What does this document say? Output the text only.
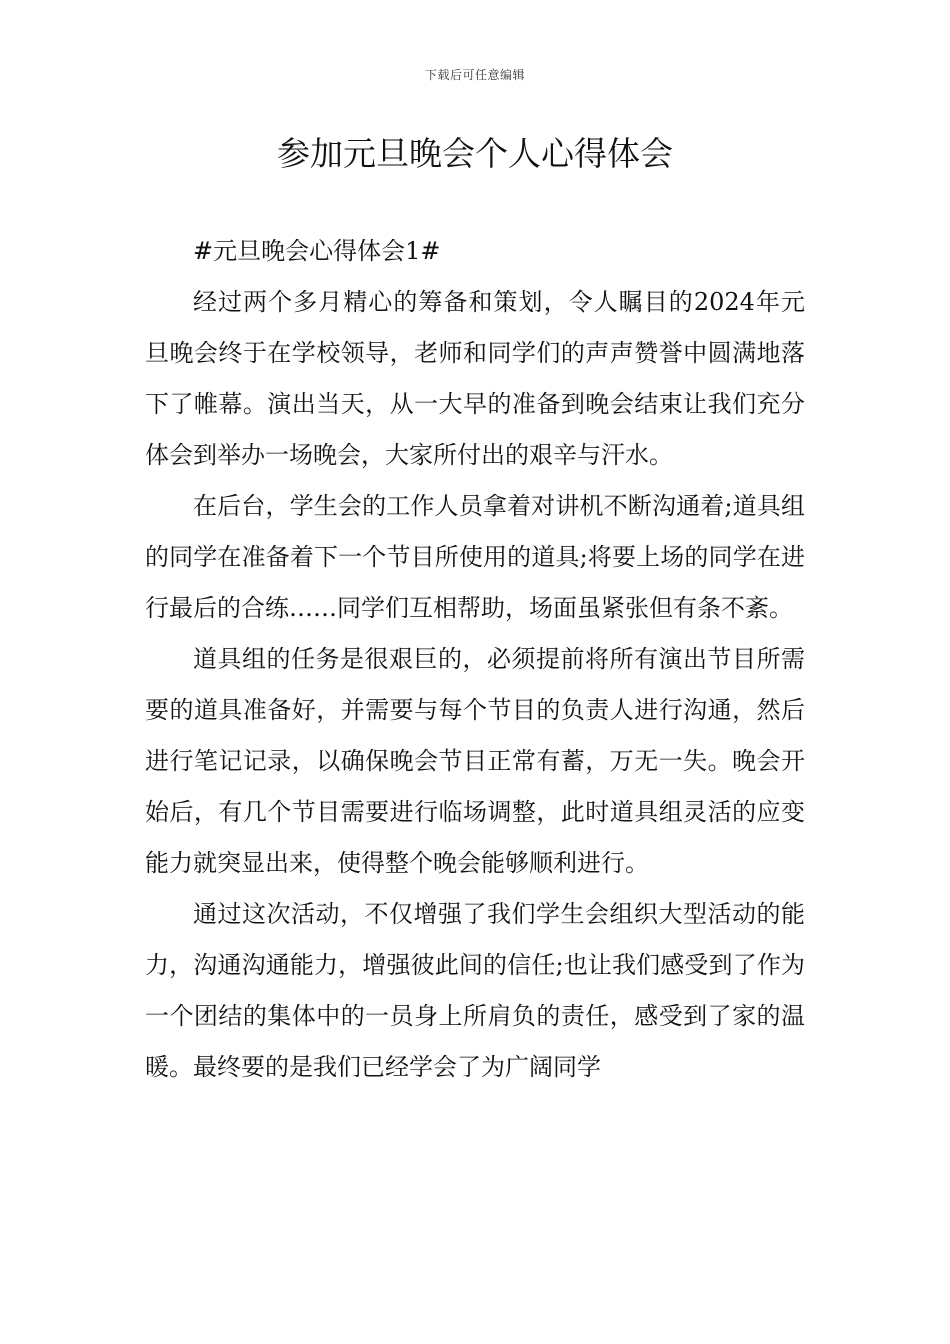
下载后可任意编辑
参加元旦晚会个人心得体会

#元旦晚会心得体会1#

经过两个多月精心的筹备和策划，令人瞩目的2024年元旦晚会终于在学校领导，老师和同学们的声声赞誉中圆满地落下了帷幕。演出当天，从一大早的准备到晚会结束让我们充分体会到举办一场晚会，大家所付出的艰辛与汗水。

在后台，学生会的工作人员拿着对讲机不断沟通着;道具组的同学在准备着下一个节目所使用的道具;将要上场的同学在进行最后的合练……同学们互相帮助，场面虽紧张但有条不紊。

道具组的任务是很艰巨的，必须提前将所有演出节目所需要的道具准备好，并需要与每个节目的负责人进行沟通，然后进行笔记记录，以确保晚会节目正常有蓄，万无一失。晚会开始后，有几个节目需要进行临场调整，此时道具组灵活的应变能力就突显出来，使得整个晚会能够顺利进行。

通过这次活动，不仅增强了我们学生会组织大型活动的能力，沟通沟通能力，增强彼此间的信任;也让我们感受到了作为一个团结的集体中的一员身上所肩负的责任，感受到了家的温暖。最终要的是我们已经学会了为广阔同学
